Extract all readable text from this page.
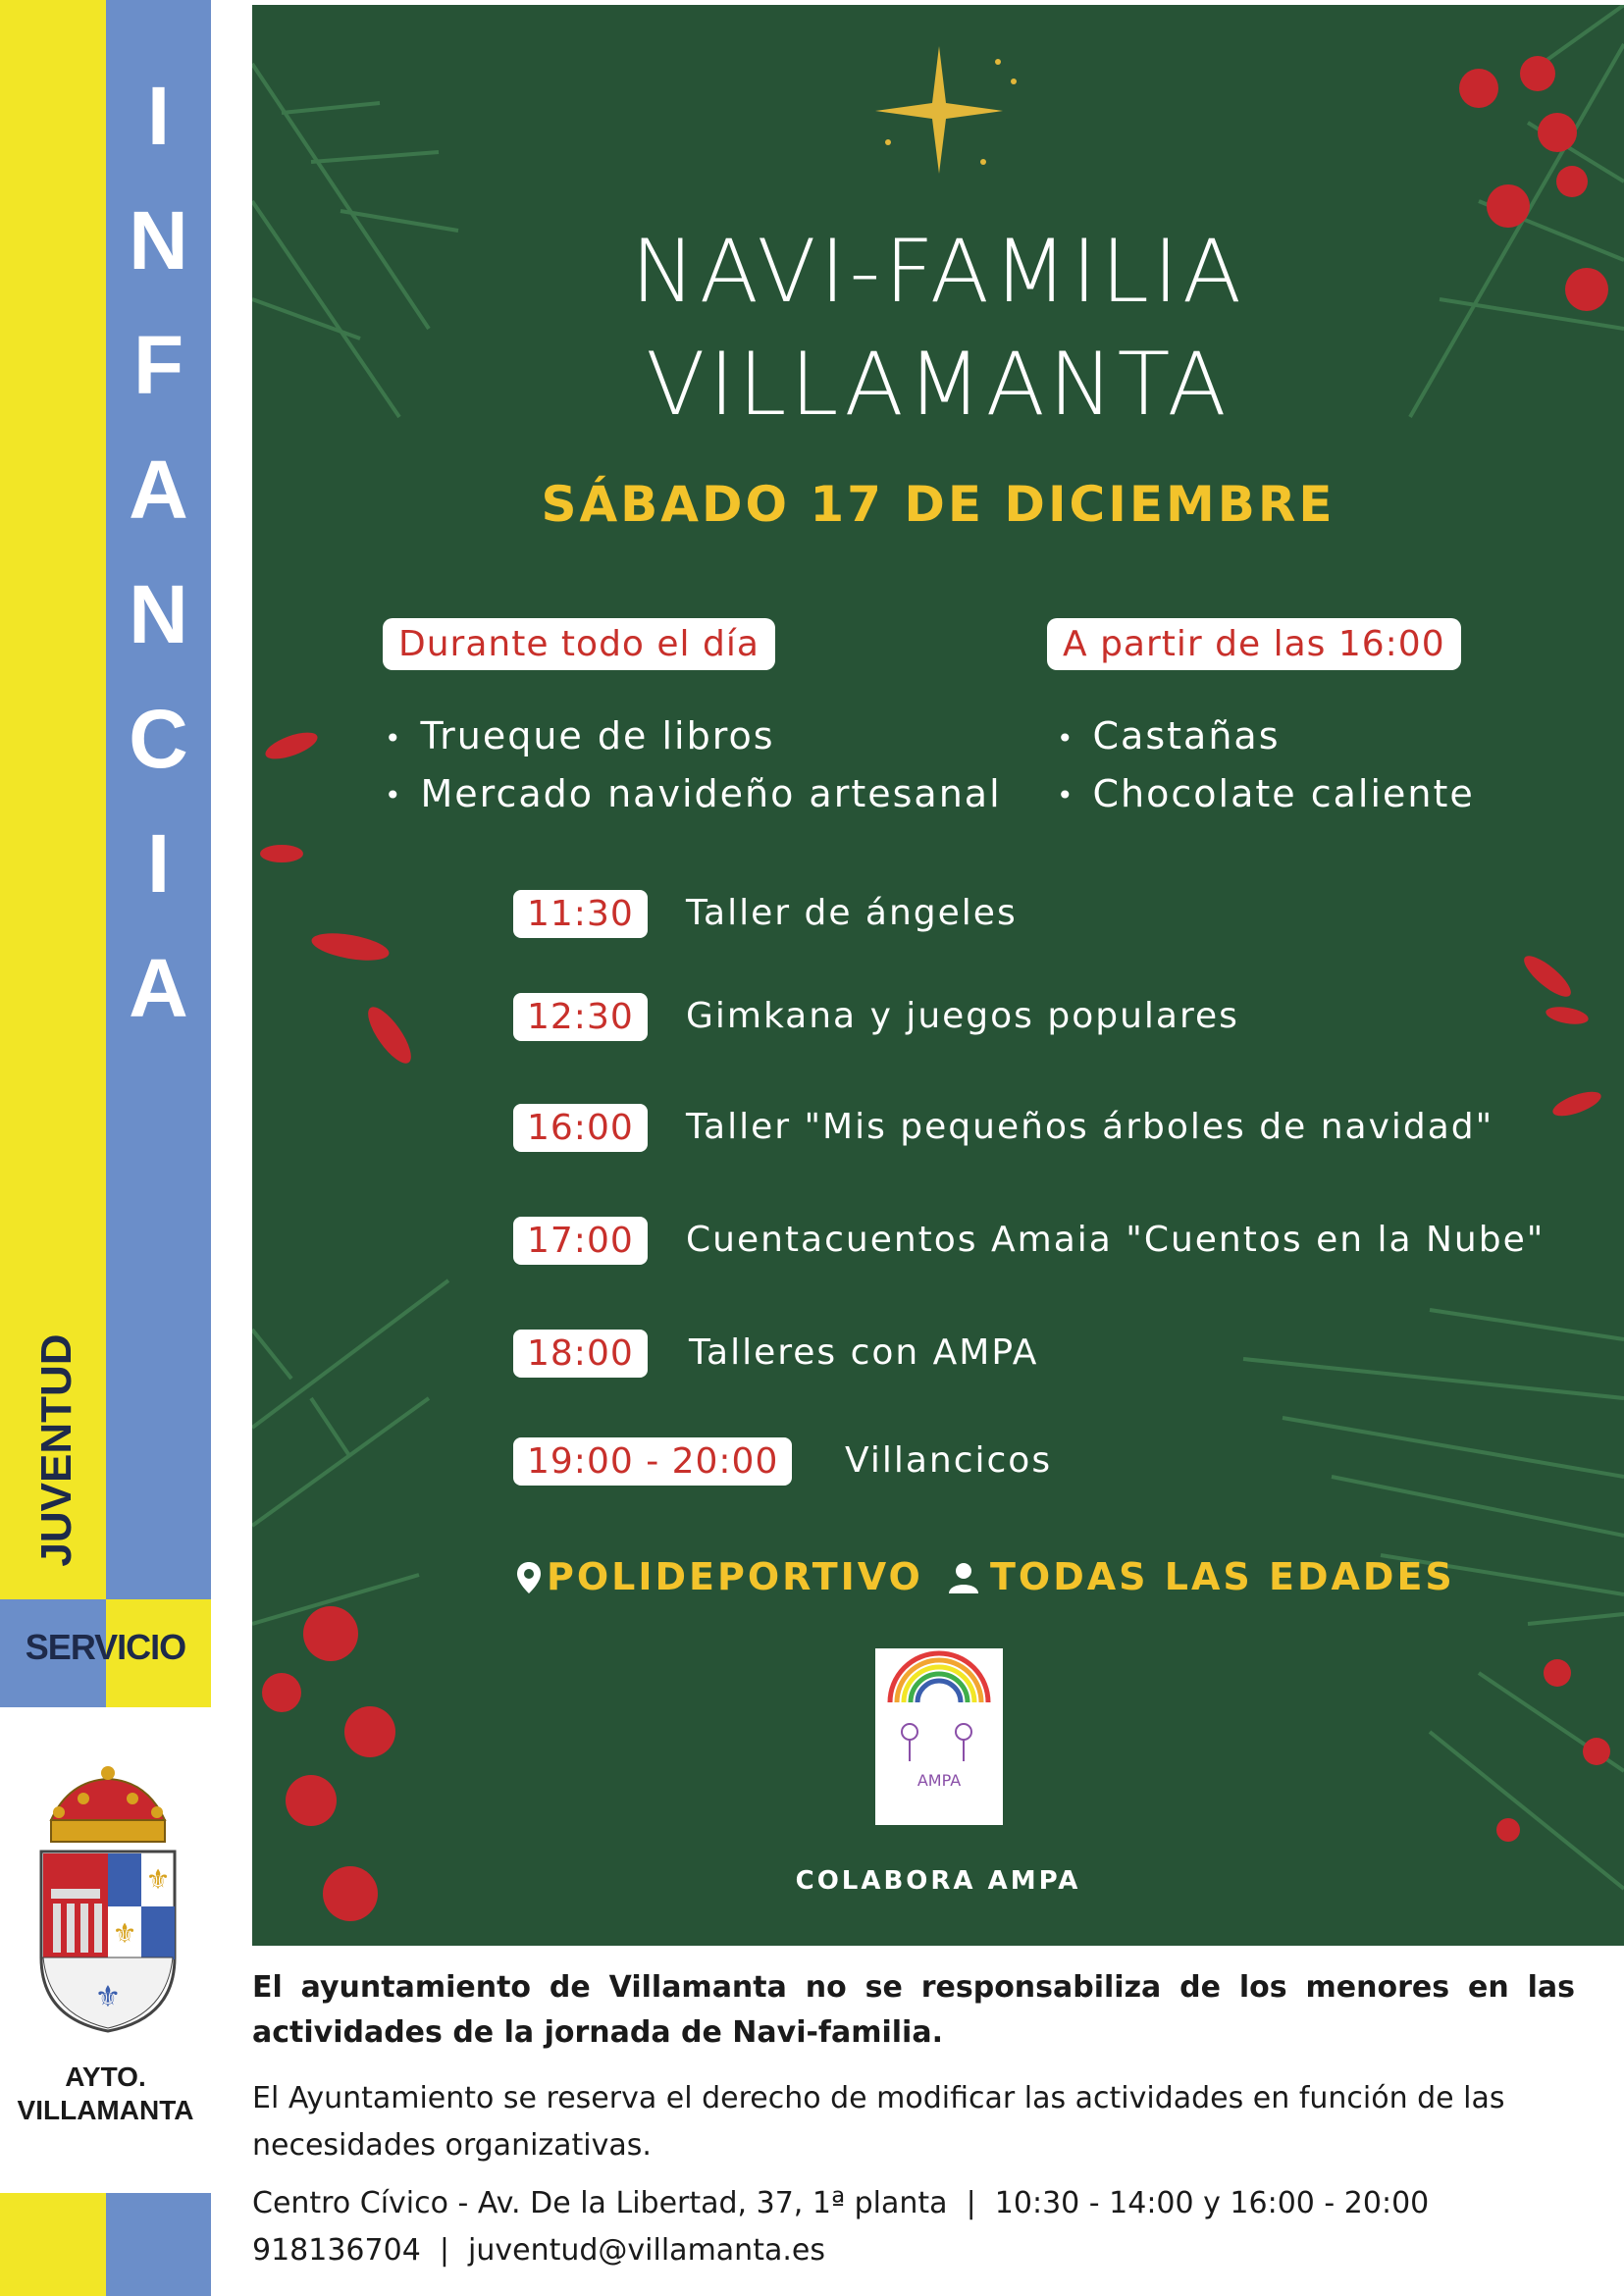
I
N
F
A
N
C
I
A
JUVENTUD
SERVICIO
⚜
⚜
⚜
AYTO.
VILLAMANTA
NAVI-FAMILIA
VILLAMANTA
SÁBADO 17 DE DICIEMBRE
Durante todo el día	A partir de las 16:00
• Trueque de libros
• Mercado navideño artesanal
• Castañas
• Chocolate caliente
11:30	Taller de ángeles
12:30	Gimkana y juegos populares
16:00	Taller "Mis pequeños árboles de navidad"
17:00	Cuentacuentos Amaia "Cuentos en la Nube"
18:00	Talleres con AMPA
19:00 - 20:00	Villancicos
POLIDEPORTIVO	TODAS LAS EDADES
AMPA
COLABORA AMPA
El ayuntamiento de Villamanta no se responsabiliza de los menores en las actividades de la jornada de Navi-familia.
El Ayuntamiento se reserva el derecho de modificar las actividades en función de las necesidades organizativas.
Centro Cívico - Av. De la Libertad, 37, 1ª planta  |  10:30 - 14:00 y 16:00 - 20:00
918136704  |  juventud@villamanta.es
